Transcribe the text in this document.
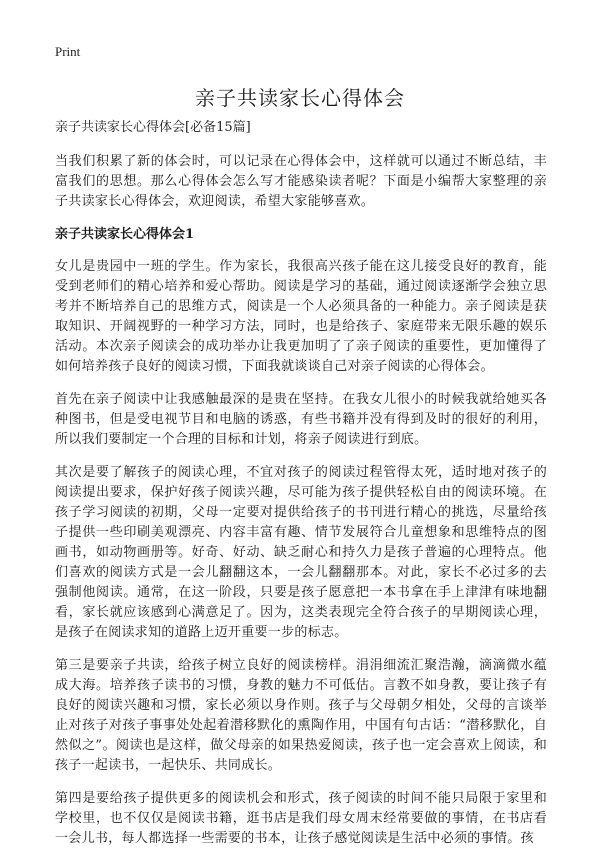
Print
亲子共读家长心得体会
亲子共读家长心得体会[必备15篇]

当我们积累了新的体会时，可以记录在心得体会中，这样就可以通过不断总结，丰富我们的思想。那么心得体会怎么写才能感染读者呢？下面是小编帮大家整理的亲子共读家长心得体会，欢迎阅读，希望大家能够喜欢。

亲子共读家长心得体会1

女儿是贵园中一班的学生。作为家长，我很高兴孩子能在这儿接受良好的教育，能受到老师们的精心培养和爱心帮助。阅读是学习的基础，通过阅读逐渐学会独立思考并不断培养自己的思维方式，阅读是一个人必须具备的一种能力。亲子阅读是获取知识、开阔视野的一种学习方法，同时，也是给孩子、家庭带来无限乐趣的娱乐活动。本次亲子阅读会的成功举办让我更加明了了亲子阅读的重要性，更加懂得了如何培养孩子良好的阅读习惯，下面我就谈谈自己对亲子阅读的心得体会。

首先在亲子阅读中让我感触最深的是贵在坚持。在我女儿很小的时候我就给她买各种图书，但是受电视节目和电脑的诱惑，有些书籍并没有得到及时的很好的利用，所以我们要制定一个合理的目标和计划，将亲子阅读进行到底。

其次是要了解孩子的阅读心理，不宜对孩子的阅读过程管得太死，适时地对孩子的阅读提出要求，保护好孩子阅读兴趣，尽可能为孩子提供轻松自由的阅读环境。在孩子学习阅读的初期，父母一定要对提供给孩子的书刊进行精心的挑选，尽量给孩子提供一些印刷美观漂亮、内容丰富有趣、情节发展符合儿童想象和思维特点的图画书，如动物画册等。好奇、好动、缺乏耐心和持久力是孩子普遍的心理特点。他们喜欢的阅读方式是一会儿翻翻这本，一会儿翻翻那本。对此，家长不必过多的去强制他阅读。通常，在这一阶段，只要是孩子愿意把一本书拿在手上津津有味地翻看，家长就应该感到心满意足了。因为，这类表现完全符合孩子的早期阅读心理，是孩子在阅读求知的道路上迈开重要一步的标志。

第三是要亲子共读，给孩子树立良好的阅读榜样。涓涓细流汇聚浩瀚，滴滴微水蕴成大海。培养孩子读书的习惯，身教的魅力不可低估。言教不如身教，要让孩子有良好的阅读兴趣和习惯，家长必须以身作则。孩子与父母朝夕相处，父母的言谈举止对孩子对孩子事事处处起着潜移默化的熏陶作用，中国有句古话：“潜移默化，自然似之”。阅读也是这样，做父母亲的如果热爱阅读，孩子也一定会喜欢上阅读，和孩子一起读书，一起快乐、共同成长。

第四是要给孩子提供更多的阅读机会和形式，孩子阅读的时间不能只局限于家里和学校里，也不仅仅是阅读书籍，逛书店是我们母女周末经常要做的事情，在书店看一会儿书，每人都选择一些需要的书本，让孩子感觉阅读是生活中必须的事情。孩
